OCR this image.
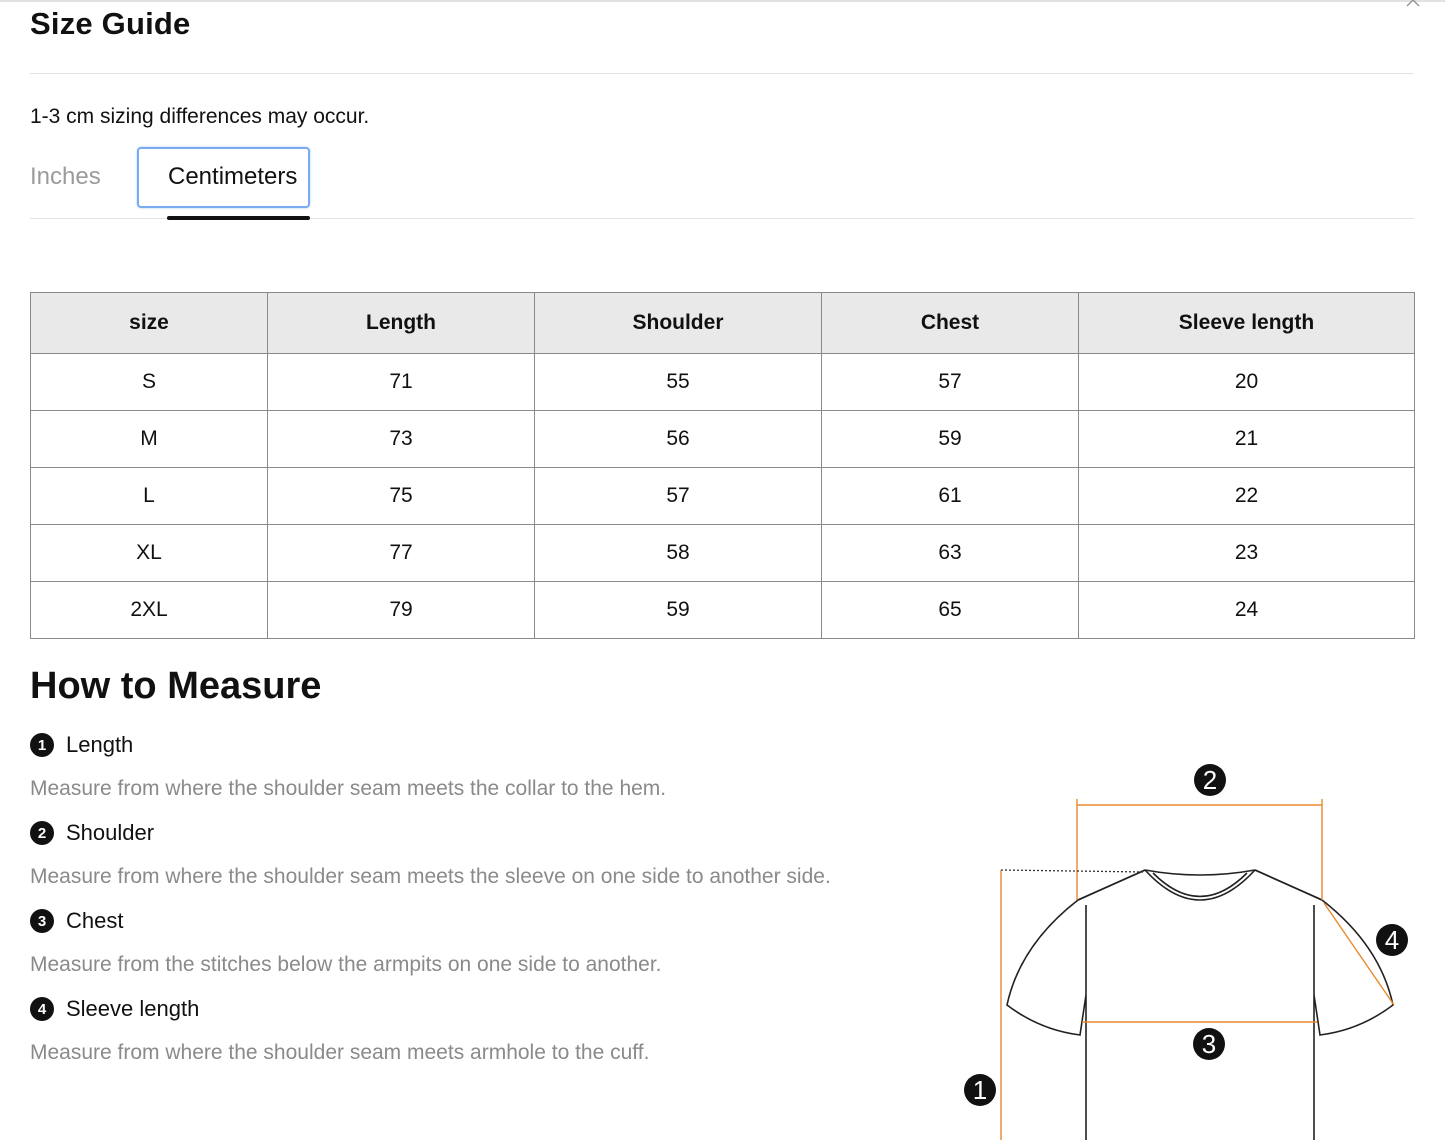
Size Guide
1-3 cm sizing differences may occur.
Inches	Centimeters
size	Length	Shoulder	Chest	Sleeve length
S	71	55	57	20
M	73	56	59	21
L	75	57	61	22
XL	77	58	63	23
2XL	79	59	65	24
How to Measure
1 Length
Measure from where the shoulder seam meets the collar to the hem.
2 Shoulder
Measure from where the shoulder seam meets the sleeve on one side to another side.
3 Chest
Measure from the stitches below the armpits on one side to another.
4 Sleeve length
Measure from where the shoulder seam meets armhole to the cuff.
2
3
4
1
